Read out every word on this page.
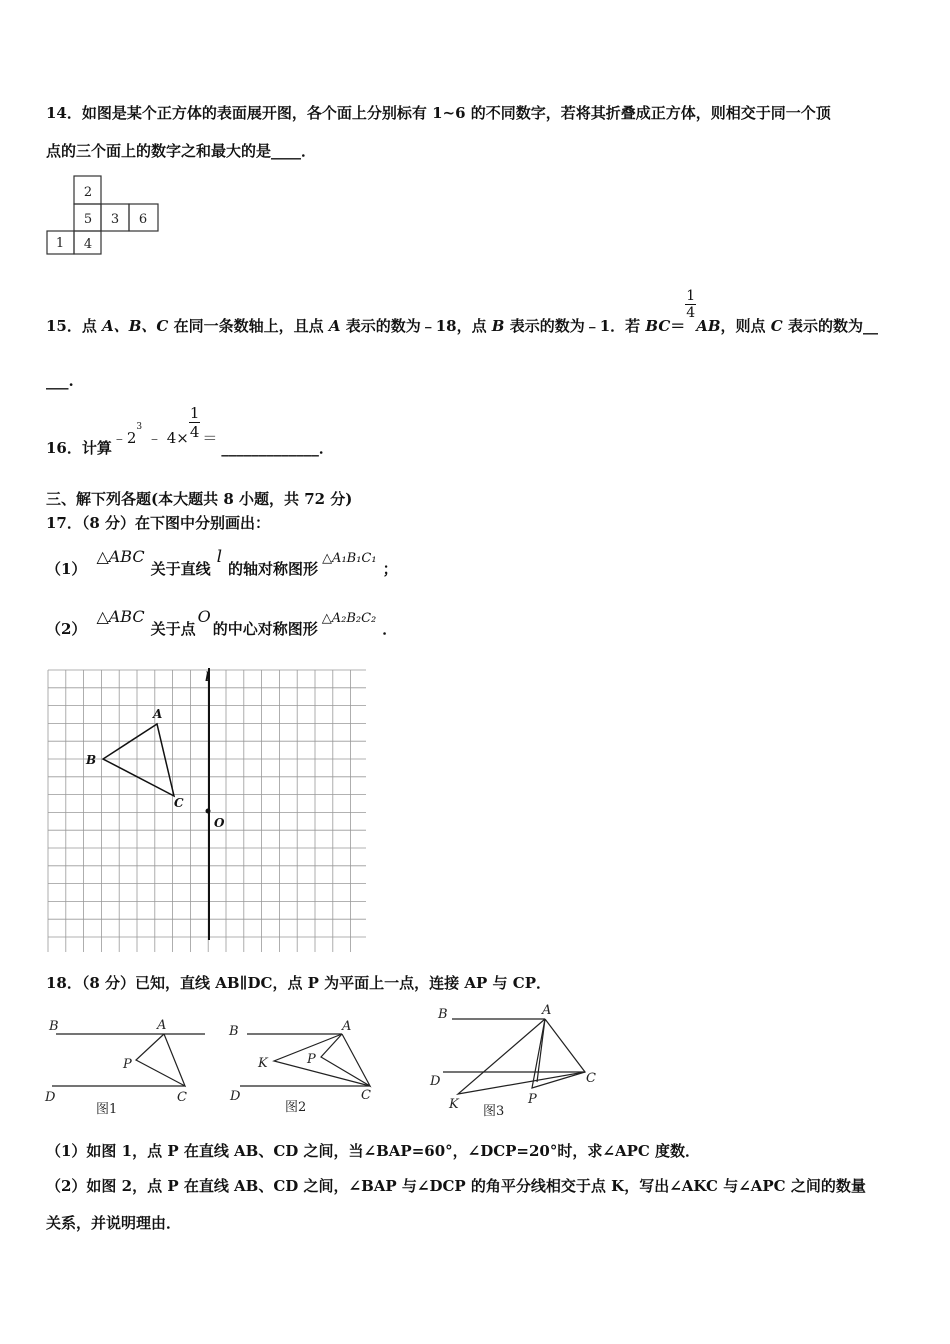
14．如图是某个正方体的表面展开图，各个面上分别标有 1~6 的不同数字，若将其折叠成正方体，则相交于同一个顶
点的三个面上的数字之和最大的是____．
2
5 3 6
1 4
15．点 A、B、C 在同一条数轴上，且点 A 表示的数为﹣18，点 B 表示的数为﹣1．若 BC＝
$\frac{1}{4}$
AB，则点 C 表示的数为__
___.
16．计算$﹣2^3$ ﹣ $4\times \frac{1}{4}$ ＝_____________．
三、解下列各题(本大题共 8 小题，共 72 分)
17．（8 分）在下图中分别画出：
（1）△ABC关于直线l的轴对称图形△A₁B₁C₁；
（2）△ABC关于点O的中心对称图形△A₂B₂C₂．
l
A
B
C
O
18．（8 分）已知，直线 AB∥DC，点 P 为平面上一点，连接 AP 与 CP．
B	A
P
D	C
B	A
K	P
D	C
B	A
D	C
K	P
图1	图2	图3
（1）如图 1，点 P 在直线 AB、CD 之间，当∠BAP=60°，∠DCP=20°时，求∠APC 度数．
（2）如图 2，点 P 在直线 AB、CD 之间，∠BAP 与∠DCP 的角平分线相交于点 K，写出∠AKC 与∠APC 之间的数量
关系，并说明理由．
